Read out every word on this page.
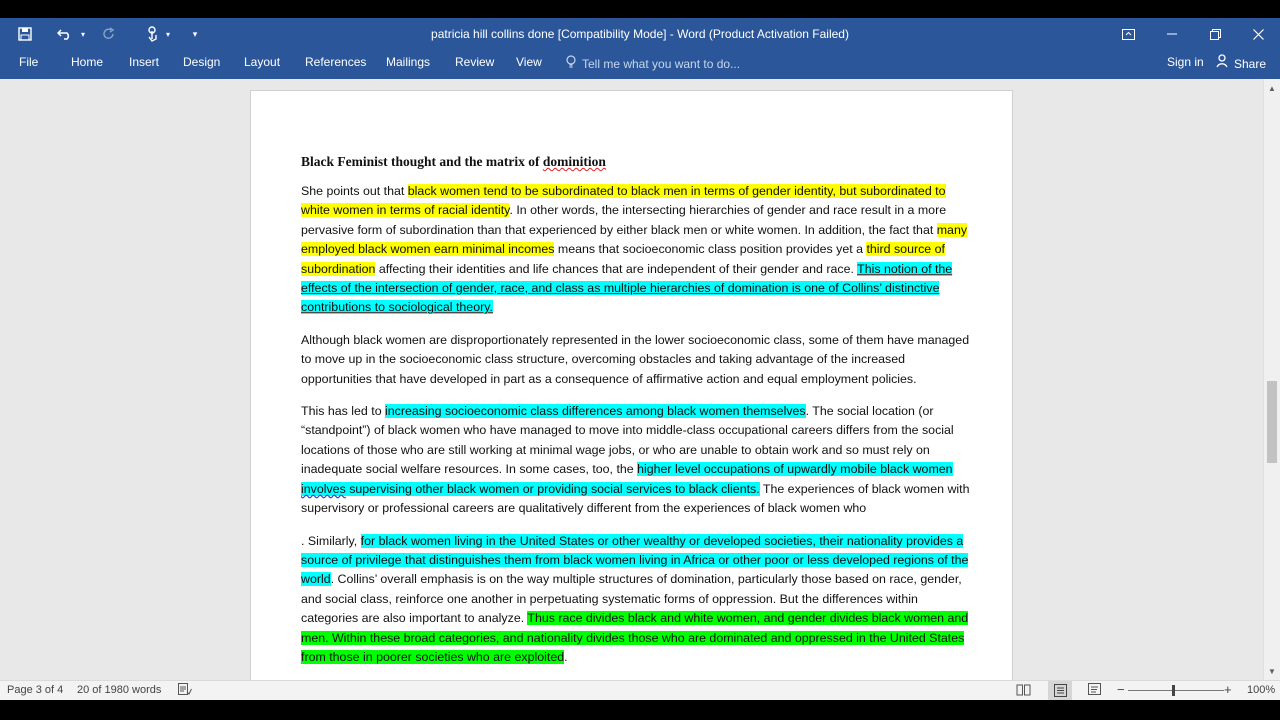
▾	▾	▾	patricia hill collins done [Compatibility Mode] - Word (Product Activation Failed)
File	Home Insert Design Layout References Mailings Review View	Tell me what you want to do...	Sign in	Share
Black Feminist thought and the matrix of dominition
She points out that black women tend to be subordinated to black men in terms of gender identity, but subordinated to white women in terms of racial identity. In other words, the intersecting hierarchies of gender and race result in a more pervasive form of subordination than that experienced by either black men or white women. In addition, the fact that many employed black women earn minimal incomes means that socioeconomic class position provides yet a third source of subordination affecting their identities and life chances that are independent of their gender and race. This notion of the effects of the intersection of gender, race, and class as multiple hierarchies of domination is one of Collins’ distinctive contributions to sociological theory.
Although black women are disproportionately represented in the lower socioeconomic class, some of them have managed to move up in the socioeconomic class structure, overcoming obstacles and taking advantage of the increased opportunities that have developed in part as a consequence of affirmative action and equal employment policies.
This has led to increasing socioeconomic class differences among black women themselves. The social location (or “standpoint”) of black women who have managed to move into middle-class occupational careers differs from the social locations of those who are still working at minimal wage jobs, or who are unable to obtain work and so must rely on inadequate social welfare resources. In some cases, too, the higher level occupations of upwardly mobile black women involves supervising other black women or providing social services to black clients. The experiences of black women with supervisory or professional careers are qualitatively different from the experiences of black women who
. Similarly, for black women living in the United States or other wealthy or developed societies, their nationality provides a source of privilege that distinguishes them from black women living in Africa or other poor or less developed regions of the world. Collins’ overall emphasis is on the way multiple structures of domination, particularly those based on race, gender, and social class, reinforce one another in perpetuating systematic forms of oppression. But the differences within categories are also important to analyze. Thus race divides black and white women, and gender divides black women and men. Within these broad categories, and nationality divides those who are dominated and oppressed in the United States from those in poorer societies who are exploited.
▲
▼
Page 3 of 4 20 of 1980 words	−	+ 100%
